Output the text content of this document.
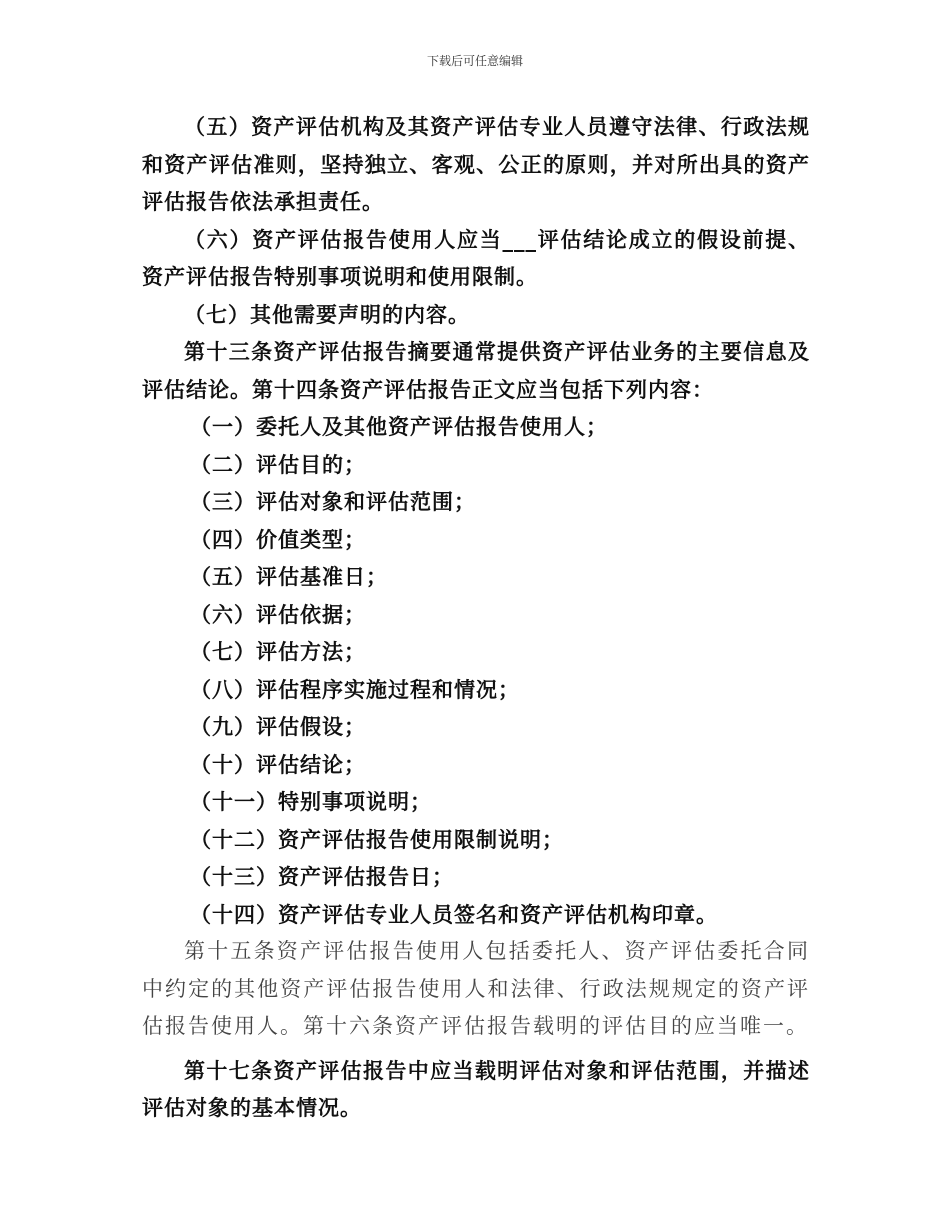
下载后可任意编辑

（五）资产评估机构及其资产评估专业人员遵守法律、行政法规和资产评估准则，坚持独立、客观、公正的原则，并对所出具的资产评估报告依法承担责任。

（六）资产评估报告使用人应当___评估结论成立的假设前提、资产评估报告特别事项说明和使用限制。

（七）其他需要声明的内容。

第十三条资产评估报告摘要通常提供资产评估业务的主要信息及评估结论。第十四条资产评估报告正文应当包括下列内容：

（一）委托人及其他资产评估报告使用人；

（二）评估目的；

（三）评估对象和评估范围；

（四）价值类型；

（五）评估基准日；

（六）评估依据；

（七）评估方法；

（八）评估程序实施过程和情况；

（九）评估假设；

（十）评估结论；

（十一）特别事项说明；

（十二）资产评估报告使用限制说明；

（十三）资产评估报告日；

（十四）资产评估专业人员签名和资产评估机构印章。

第十五条资产评估报告使用人包括委托人、资产评估委托合同中约定的其他资产评估报告使用人和法律、行政法规规定的资产评估报告使用人。第十六条资产评估报告载明的评估目的应当唯一。

第十七条资产评估报告中应当载明评估对象和评估范围，并描述评估对象的基本情况。
